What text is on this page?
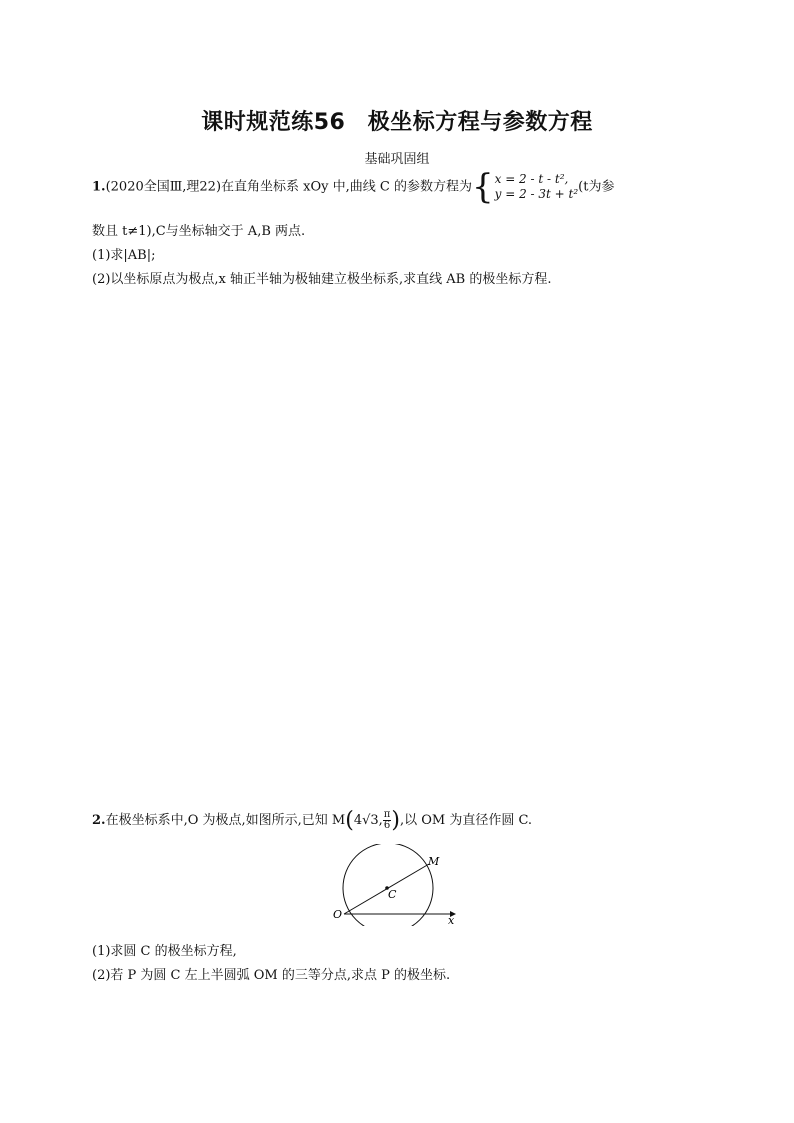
课时规范练56　极坐标方程与参数方程
基础巩固组
1.(2020全国Ⅲ,理22)在直角坐标系 xOy 中,曲线 C 的参数方程为{ x = 2 - t - t²,
y = 2 - 3t + t² (t为参
数且 t≠1),C与坐标轴交于 A,B 两点.
(1)求|AB|;
(2)以坐标原点为极点,x 轴正半轴为极轴建立极坐标系,求直线 AB 的极坐标方程.
2.在极坐标系中,O 为极点,如图所示,已知 M(4√3, $\frac{\pi}{6}$ ),以 OM 为直径作圆 C.
O
C
M
x
(1)求圆 C 的极坐标方程,
(2)若 P 为圆 C 左上半圆弧 OM 的三等分点,求点 P 的极坐标.
